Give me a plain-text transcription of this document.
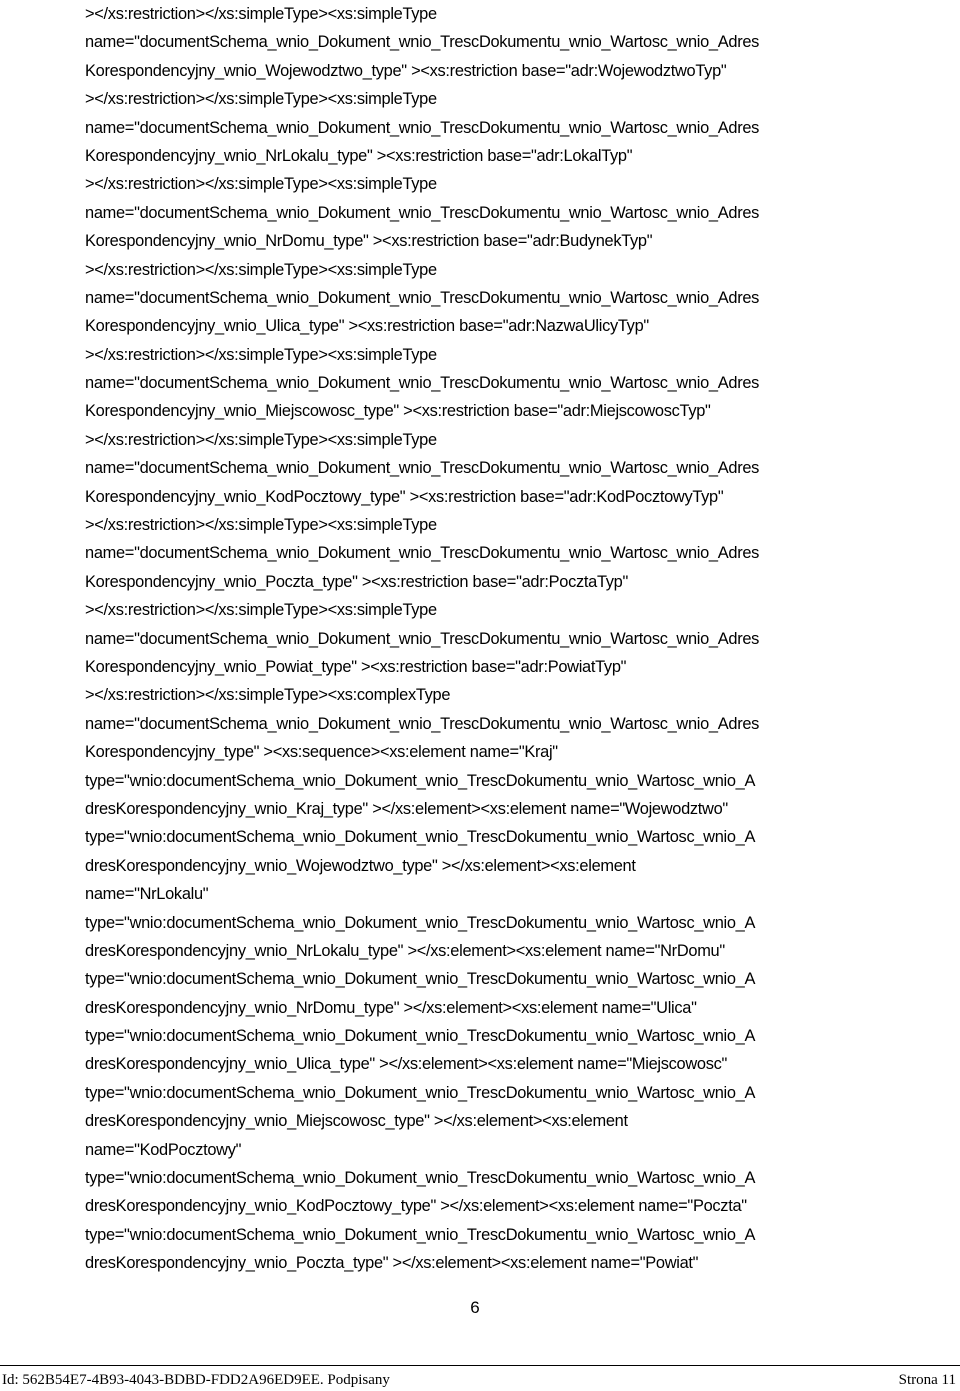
></xs:restriction></xs:simpleType><xs:simpleType
name="documentSchema_wnio_Dokument_wnio_TrescDokumentu_wnio_Wartosc_wnio_Adres
Korespondencyjny_wnio_Wojewodztwo_type" ><xs:restriction base="adr:WojewodztwoTyp"
></xs:restriction></xs:simpleType><xs:simpleType
name="documentSchema_wnio_Dokument_wnio_TrescDokumentu_wnio_Wartosc_wnio_Adres
Korespondencyjny_wnio_NrLokalu_type" ><xs:restriction base="adr:LokalTyp"
></xs:restriction></xs:simpleType><xs:simpleType
name="documentSchema_wnio_Dokument_wnio_TrescDokumentu_wnio_Wartosc_wnio_Adres
Korespondencyjny_wnio_NrDomu_type" ><xs:restriction base="adr:BudynekTyp"
></xs:restriction></xs:simpleType><xs:simpleType
name="documentSchema_wnio_Dokument_wnio_TrescDokumentu_wnio_Wartosc_wnio_Adres
Korespondencyjny_wnio_Ulica_type" ><xs:restriction base="adr:NazwaUlicyTyp"
></xs:restriction></xs:simpleType><xs:simpleType
name="documentSchema_wnio_Dokument_wnio_TrescDokumentu_wnio_Wartosc_wnio_Adres
Korespondencyjny_wnio_Miejscowosc_type" ><xs:restriction base="adr:MiejscowoscTyp"
></xs:restriction></xs:simpleType><xs:simpleType
name="documentSchema_wnio_Dokument_wnio_TrescDokumentu_wnio_Wartosc_wnio_Adres
Korespondencyjny_wnio_KodPocztowy_type" ><xs:restriction base="adr:KodPocztowyTyp"
></xs:restriction></xs:simpleType><xs:simpleType
name="documentSchema_wnio_Dokument_wnio_TrescDokumentu_wnio_Wartosc_wnio_Adres
Korespondencyjny_wnio_Poczta_type" ><xs:restriction base="adr:PocztaTyp"
></xs:restriction></xs:simpleType><xs:simpleType
name="documentSchema_wnio_Dokument_wnio_TrescDokumentu_wnio_Wartosc_wnio_Adres
Korespondencyjny_wnio_Powiat_type" ><xs:restriction base="adr:PowiatTyp"
></xs:restriction></xs:simpleType><xs:complexType
name="documentSchema_wnio_Dokument_wnio_TrescDokumentu_wnio_Wartosc_wnio_Adres
Korespondencyjny_type" ><xs:sequence><xs:element name="Kraj"
type="wnio:documentSchema_wnio_Dokument_wnio_TrescDokumentu_wnio_Wartosc_wnio_A
dresKorespondencyjny_wnio_Kraj_type" ></xs:element><xs:element name="Wojewodztwo"
type="wnio:documentSchema_wnio_Dokument_wnio_TrescDokumentu_wnio_Wartosc_wnio_A
dresKorespondencyjny_wnio_Wojewodztwo_type" ></xs:element><xs:element
name="NrLokalu"
type="wnio:documentSchema_wnio_Dokument_wnio_TrescDokumentu_wnio_Wartosc_wnio_A
dresKorespondencyjny_wnio_NrLokalu_type" ></xs:element><xs:element name="NrDomu"
type="wnio:documentSchema_wnio_Dokument_wnio_TrescDokumentu_wnio_Wartosc_wnio_A
dresKorespondencyjny_wnio_NrDomu_type" ></xs:element><xs:element name="Ulica"
type="wnio:documentSchema_wnio_Dokument_wnio_TrescDokumentu_wnio_Wartosc_wnio_A
dresKorespondencyjny_wnio_Ulica_type" ></xs:element><xs:element name="Miejscowosc"
type="wnio:documentSchema_wnio_Dokument_wnio_TrescDokumentu_wnio_Wartosc_wnio_A
dresKorespondencyjny_wnio_Miejscowosc_type" ></xs:element><xs:element
name="KodPocztowy"
type="wnio:documentSchema_wnio_Dokument_wnio_TrescDokumentu_wnio_Wartosc_wnio_A
dresKorespondencyjny_wnio_KodPocztowy_type" ></xs:element><xs:element name="Poczta"
type="wnio:documentSchema_wnio_Dokument_wnio_TrescDokumentu_wnio_Wartosc_wnio_A
dresKorespondencyjny_wnio_Poczta_type" ></xs:element><xs:element name="Powiat"
6
Id: 562B54E7-4B93-4043-BDBD-FDD2A96ED9EE. Podpisany	Strona 11
